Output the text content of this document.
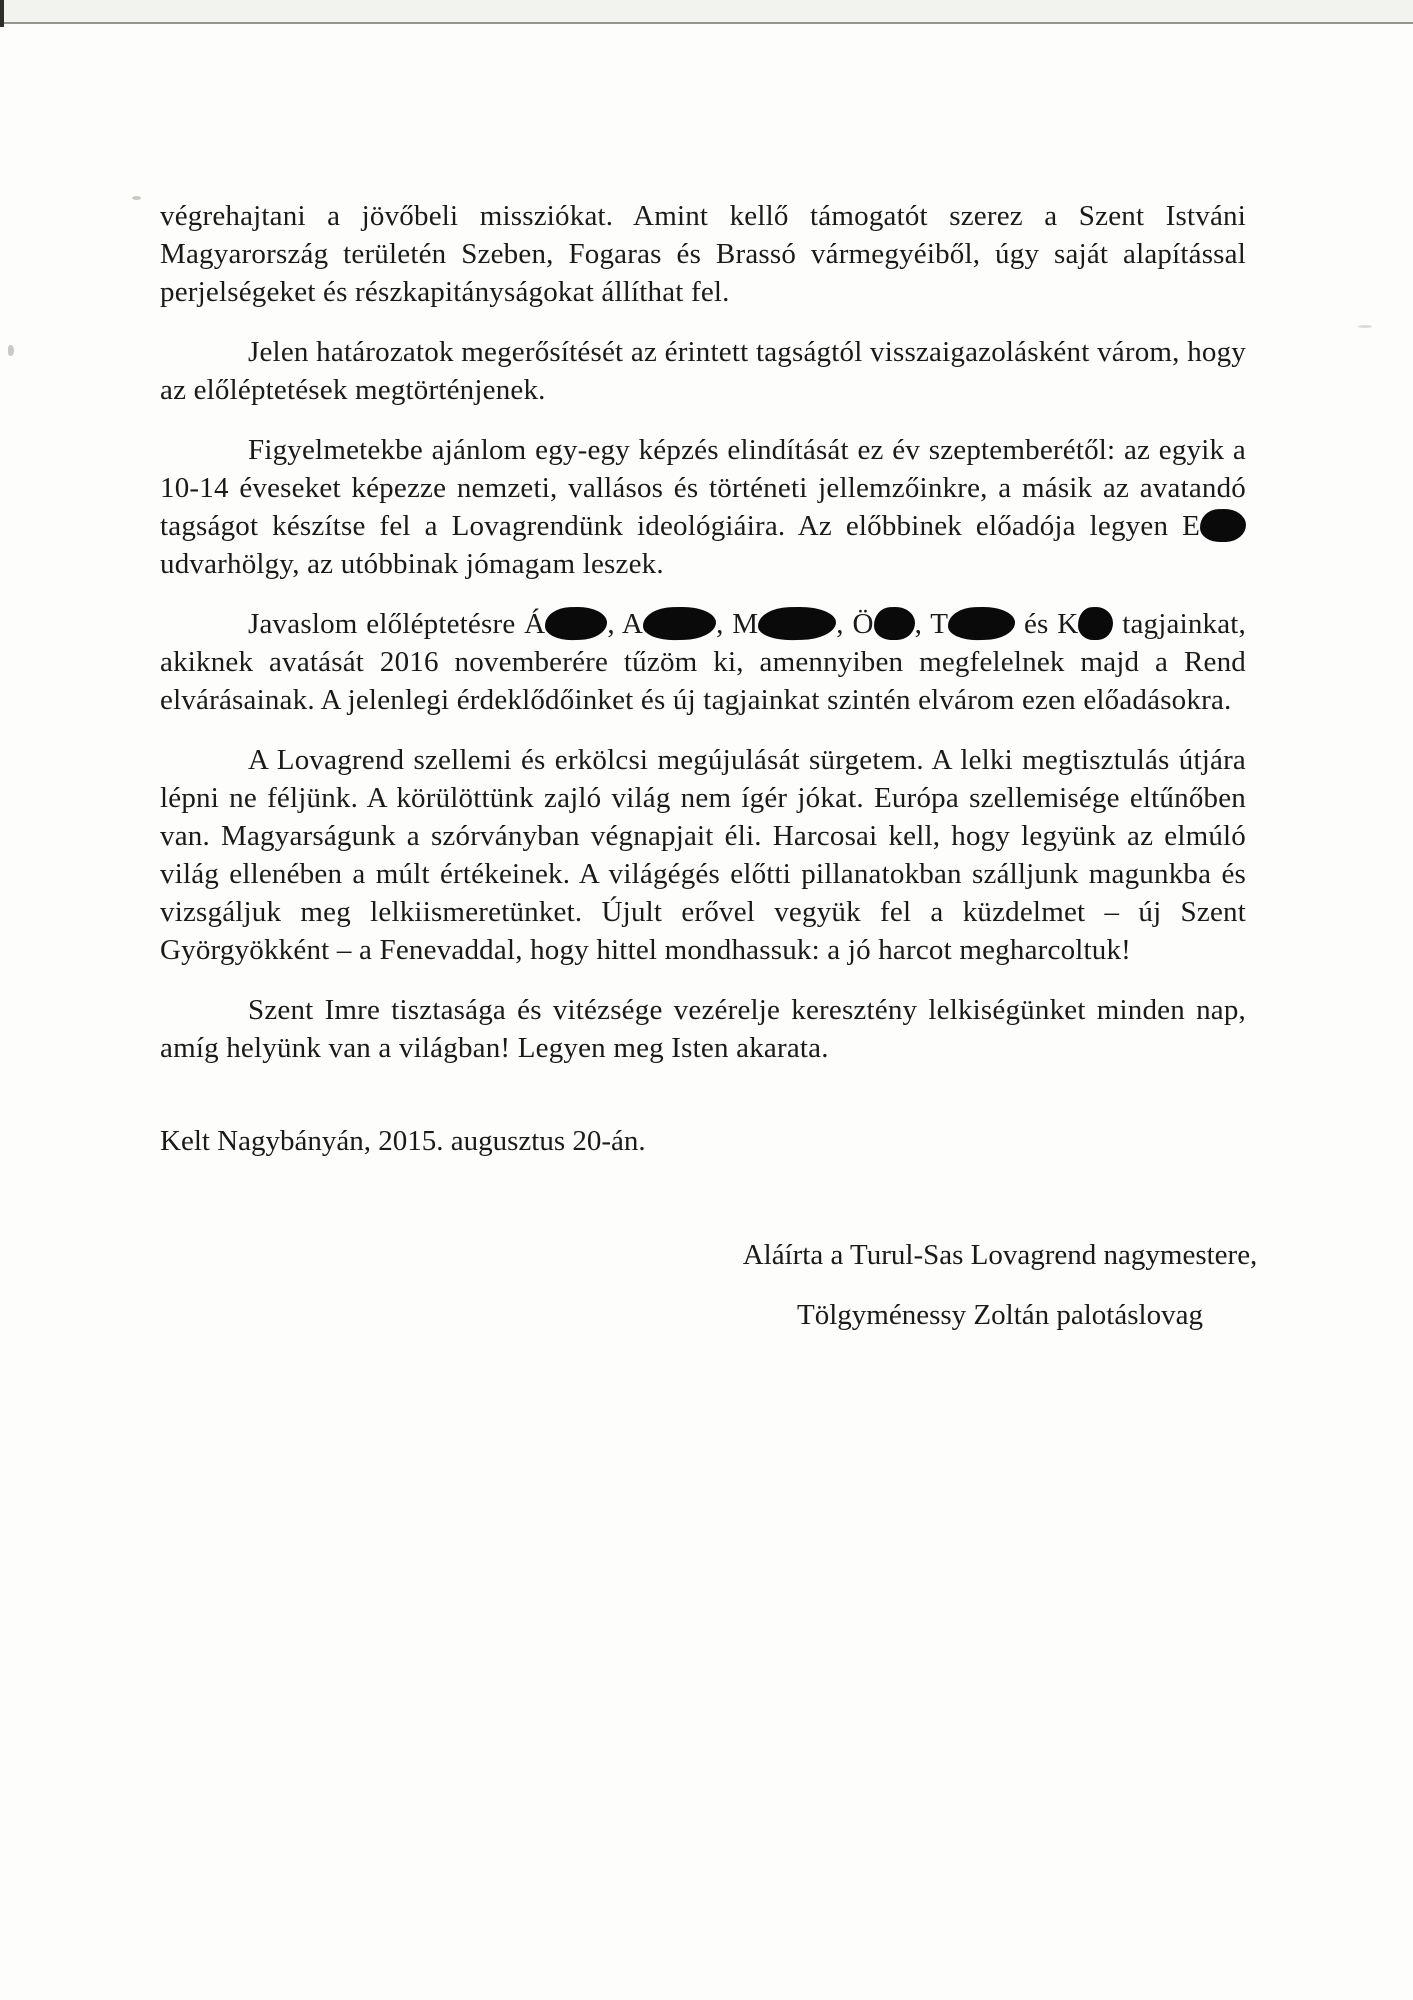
végrehajtani a jövőbeli missziókat. Amint kellő támogatót szerez a Szent Istváni Magyarország területén Szeben, Fogaras és Brassó vármegyéiből, úgy saját alapítással perjelségeket és részkapitányságokat állíthat fel.

Jelen határozatok megerősítését az érintett tagságtól visszaigazolásként várom, hogy az előléptetések megtörténjenek.

Figyelmetekbe ajánlom egy-egy képzés elindítását ez év szeptemberétől: az egyik a 10-14 éveseket képezze nemzeti, vallásos és történeti jellemzőinkre, a másik az avatandó tagságot készítse fel a Lovagrendünk ideológiáira. Az előbbinek előadója legyen E udvarhölgy, az utóbbinak jómagam leszek.

Javaslom előléptetésre Á , A	, M	, Ö , T és K tagjainkat, akiknek avatását 2016 novemberére tűzöm ki, amennyiben megfelelnek majd a Rend elvárásainak. A jelenlegi érdeklődőinket és új tagjainkat szintén elvárom ezen előadásokra.

A Lovagrend szellemi és erkölcsi megújulását sürgetem. A lelki megtisztulás útjára lépni ne féljünk. A körülöttünk zajló világ nem ígér jókat. Európa szellemisége eltűnőben van. Magyarságunk a szórványban végnapjait éli. Harcosai kell, hogy legyünk az elmúló világ ellenében a múlt értékeinek. A világégés előtti pillanatokban szálljunk magunkba és vizsgáljuk meg lelkiismeretünket. Újult erővel vegyük fel a küzdelmet – új Szent Györgyökként – a Fenevaddal, hogy hittel mondhassuk: a jó harcot megharcoltuk!

Szent Imre tisztasága és vitézsége vezérelje keresztény lelkiségünket minden nap, amíg helyünk van a világban! Legyen meg Isten akarata.

Kelt Nagybányán, 2015. augusztus 20-án.

Aláírta a Turul-Sas Lovagrend nagymestere,

Tölgyménessy Zoltán palotáslovag
